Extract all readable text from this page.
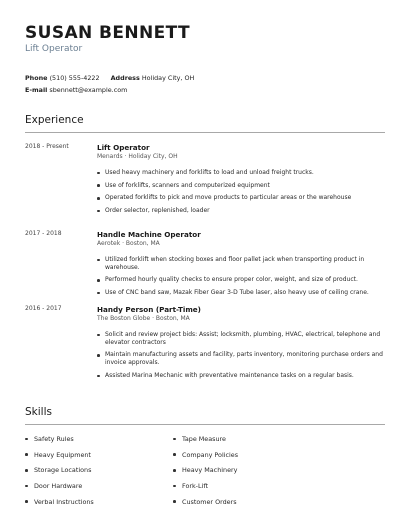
SUSAN BENNETT
Lift Operator
Phone (510) 555-4222 Address Holiday City, OH
E-mail sbennett@example.com
Experience
2018 - Present	Lift Operator

Menards · Holiday City, OH

Used heavy machinery and forklifts to load and unload freight trucks.
Use of forklifts, scanners and computerized equipment
Operated forklifts to pick and move products to particular areas or the warehouse
Order selector, replenished, loader
2017 - 2018	Handle Machine Operator

Aerotek · Boston, MA

Utilized forklift when stocking boxes and floor pallet jack when transporting product in warehouse.
Performed hourly quality checks to ensure proper color, weight, and size of product.
Use of CNC band saw, Mazak Fiber Gear 3-D Tube laser, also heavy use of ceiling crane.
2016 - 2017	Handy Person (Part-Time)

The Boston Globe · Boston, MA

Solicit and review project bids: Assist; locksmith, plumbing, HVAC, electrical, telephone and elevator contractors
Maintain manufacturing assets and facility, parts inventory, monitoring purchase orders and invoice approvals.
Assisted Marina Mechanic with preventative maintenance tasks on a regular basis.
Skills
Safety Rules
Heavy Equipment
Storage Locations
Door Hardware
Verbal Instructions
Tape Measure
Company Policies
Heavy Machinery
Fork-Lift
Customer Orders
